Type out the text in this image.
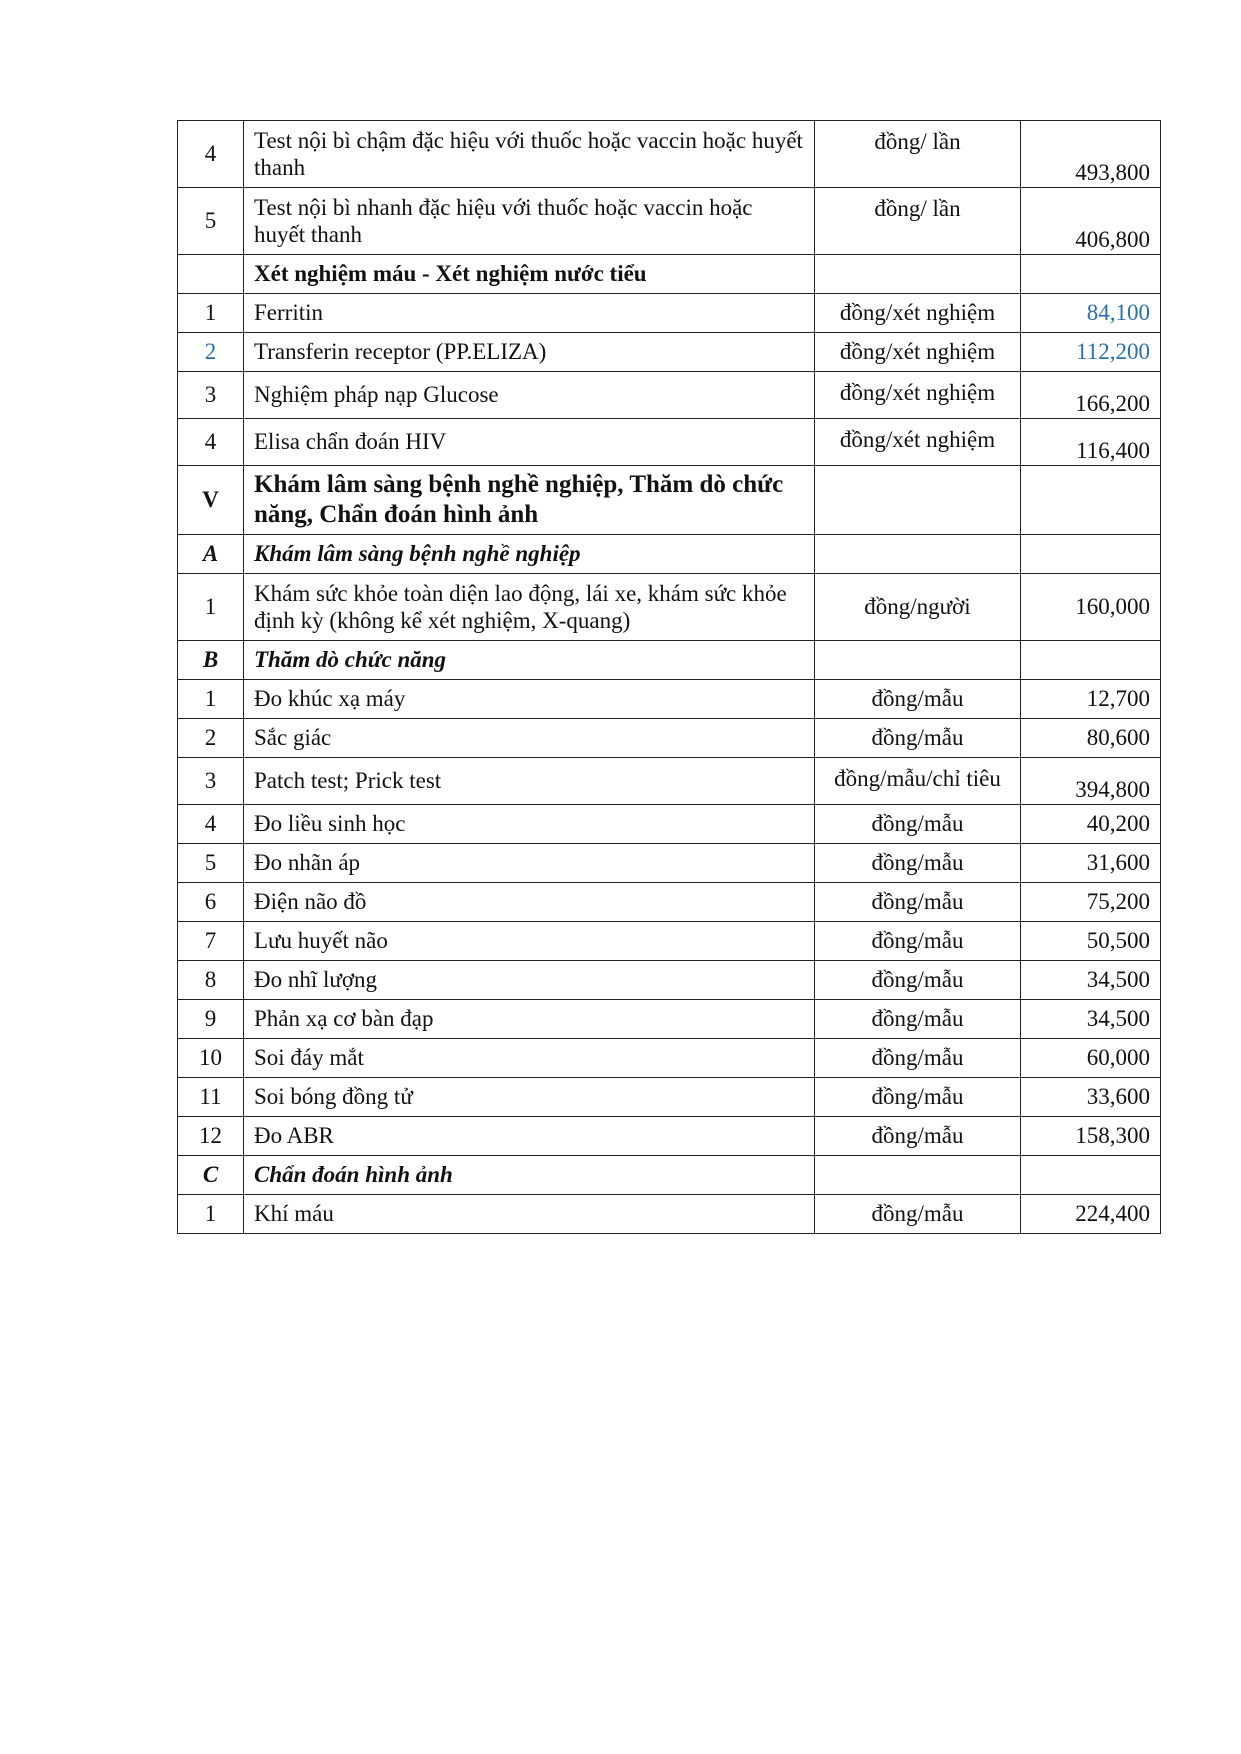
4	Test nội bì chậm đặc hiệu với thuốc hoặc vaccin hoặc huyết thanh	đồng/ lần	493,800
5	Test nội bì nhanh đặc hiệu với thuốc hoặc vaccin hoặc huyết thanh	đồng/ lần	406,800
	Xét nghiệm máu - Xét nghiệm nước tiểu		
1	Ferritin	đồng/xét nghiệm	84,100
2	Transferin receptor (PP.ELIZA)	đồng/xét nghiệm	112,200
3	Nghiệm pháp nạp Glucose	đồng/xét nghiệm	166,200
4	Elisa chẩn đoán HIV	đồng/xét nghiệm	116,400
V	Khám lâm sàng bệnh nghề nghiệp, Thăm dò chức năng, Chẩn đoán hình ảnh		
A	Khám lâm sàng bệnh nghề nghiệp		
1	Khám sức khỏe toàn diện lao động, lái xe, khám sức khỏe định kỳ (không kể xét nghiệm, X-quang)	đồng/người	160,000
B	Thăm dò chức năng		
1	Đo khúc xạ máy	đồng/mẫu	12,700
2	Sắc giác	đồng/mẫu	80,600
3	Patch test; Prick test	đồng/mẫu/chỉ tiêu	394,800
4	Đo liều sinh học	đồng/mẫu	40,200
5	Đo nhãn áp	đồng/mẫu	31,600
6	Điện não đồ	đồng/mẫu	75,200
7	Lưu huyết não	đồng/mẫu	50,500
8	Đo nhĩ lượng	đồng/mẫu	34,500
9	Phản xạ cơ bàn đạp	đồng/mẫu	34,500
10	Soi đáy mắt	đồng/mẫu	60,000
11	Soi bóng đồng tử	đồng/mẫu	33,600
12	Đo ABR	đồng/mẫu	158,300
C	Chẩn đoán hình ảnh		
1	Khí máu	đồng/mẫu	224,400
